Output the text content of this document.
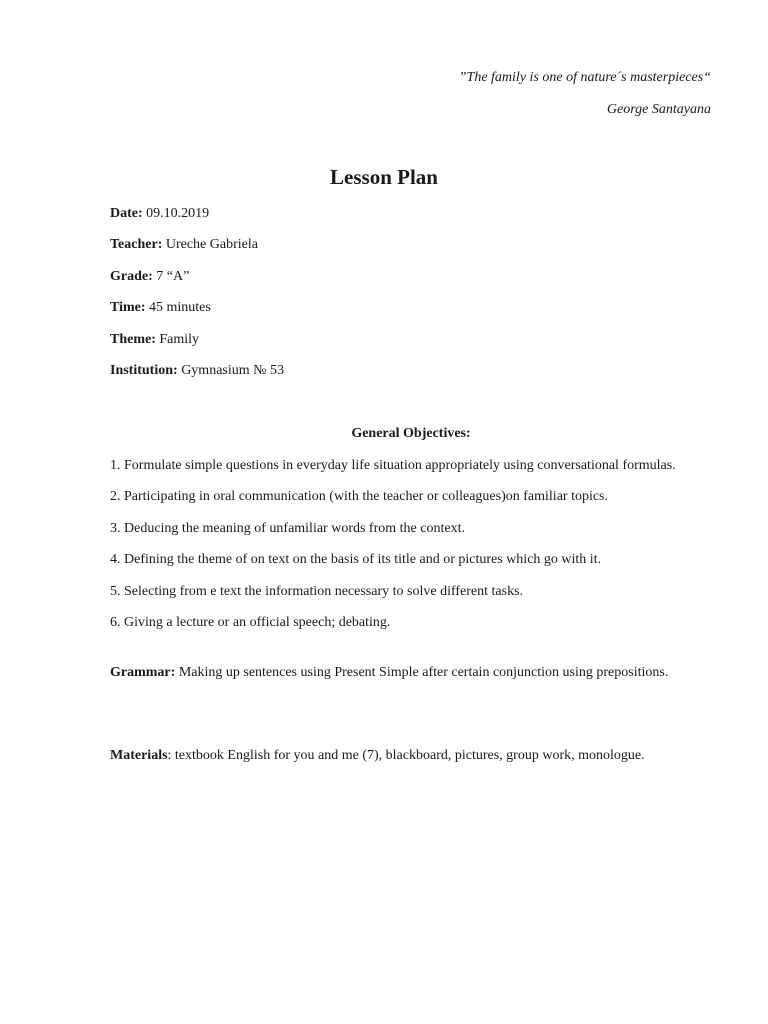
”The family is one of nature´s masterpieces“

George Santayana

Lesson Plan
Date: 09.10.2019
Teacher: Ureche Gabriela
Grade: 7 “A”
Time: 45 minutes
Theme: Family
Institution: Gymnasium № 53
General Objectives:
1. Formulate simple questions in everyday life situation appropriately using conversational formulas.
2. Participating in oral communication (with the teacher or colleagues)on familiar topics.
3. Deducing the meaning of unfamiliar words from the context.
4. Defining the theme of on text on the basis of its title and or pictures which go with it.
5. Selecting from e text the information necessary to solve different tasks.
6. Giving a lecture or an official speech; debating.

Grammar: Making up sentences using Present Simple after certain conjunction using prepositions.

Materials: textbook English for you and me (7), blackboard, pictures, group work, monologue.
